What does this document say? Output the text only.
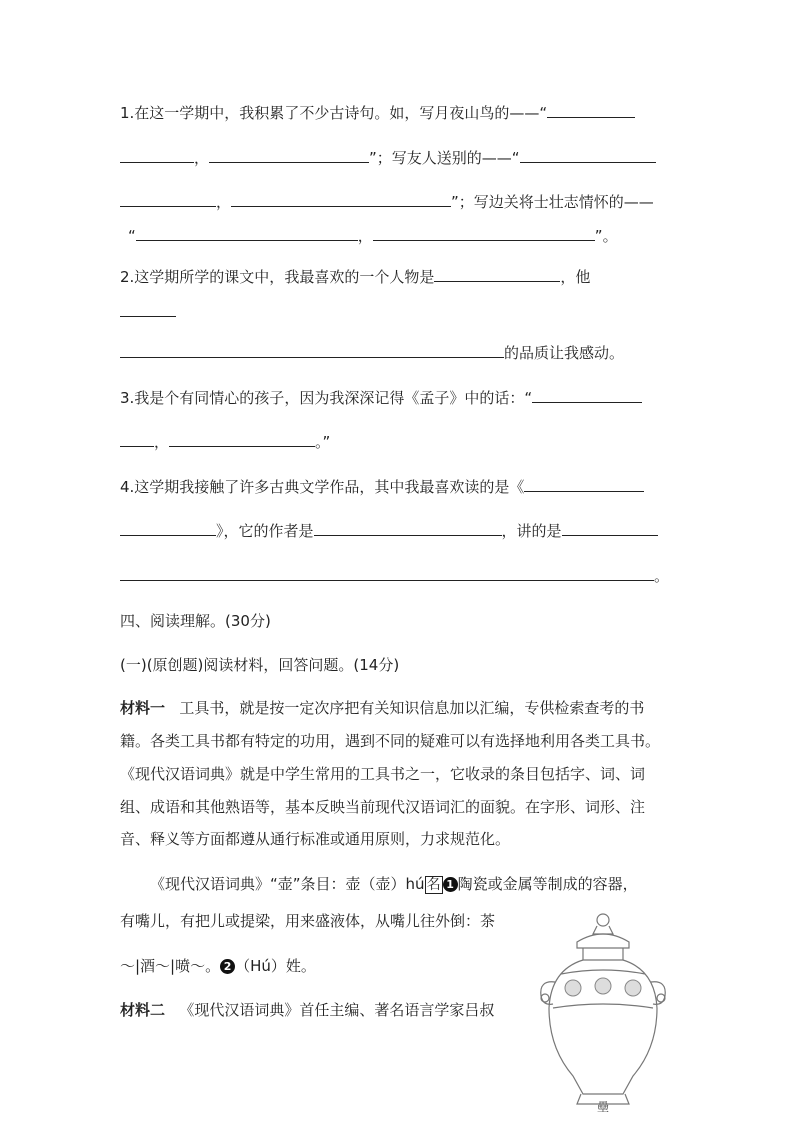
1.在这一学期中，我积累了不少古诗句。如，写月夜山鸟的——“
，	”；写友人送别的——“
，	”；写边关将士壮志情怀的——
“	，	”。
2.这学期所学的课文中，我最喜欢的一个人物是	，他
的品质让我感动。
3.我是个有同情心的孩子，因为我深深记得《孟子》中的话：“
，	。”
4.这学期我接触了许多古典文学作品，其中我最喜欢读的是《
》，它的作者是	，讲的是
。
四、阅读理解。(30分)
(一)(原创题)阅读材料，回答问题。(14分)
材料一 工具书，就是按一定次序把有关知识信息加以汇编，专供检索查考的书
籍。各类工具书都有特定的功用，遇到不同的疑难可以有选择地利用各类工具书。
《现代汉语词典》就是中学生常用的工具书之一，它收录的条目包括字、词、词
组、成语和其他熟语等，基本反映当前现代汉语词汇的面貌。在字形、词形、注
音、释义等方面都遵从通行标准或通用原则，力求规范化。
《现代汉语词典》“壶”条目：壶（壶）hú 名 1 陶瓷或金属等制成的容器，
有嘴儿，有把儿或提梁，用来盛液体，从嘴儿往外倒：茶
～|酒～|喷～。 2 （Hú）姓。
材料二 《现代汉语词典》首任主编、著名语言学家吕叔
壘
